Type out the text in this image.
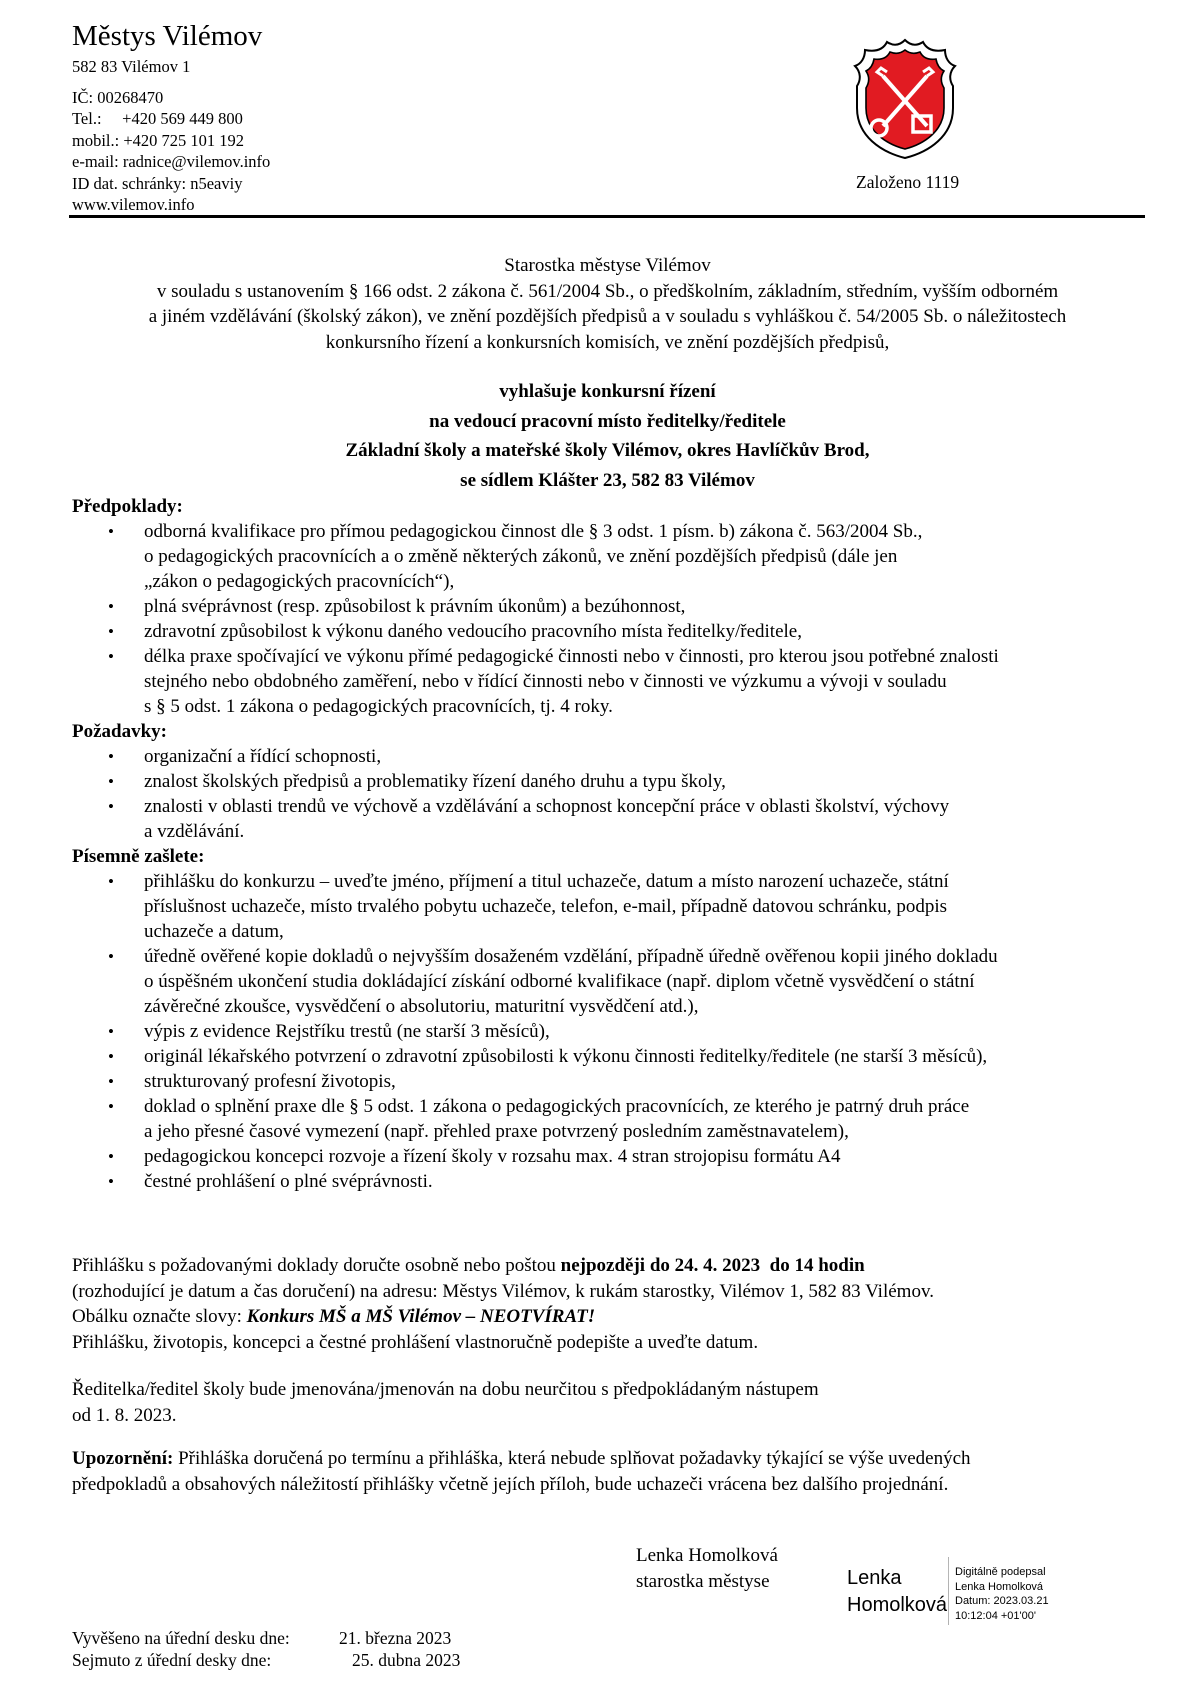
Městys Vilémov
582 83 Vilémov 1
IČ: 00268470
Tel.:     +420 569 449 800
mobil.: +420 725 101 192
e-mail: radnice@vilemov.info
ID dat. schránky: n5eaviy
www.vilemov.info
Založeno 1119
Starostka městyse Vilémov
v souladu s ustanovením § 166 odst. 2 zákona č. 561/2004 Sb., o předškolním, základním, středním, vyšším odborném
a jiném vzdělávání (školský zákon), ve znění pozdějších předpisů a v souladu s vyhláškou č. 54/2005 Sb. o náležitostech
konkursního řízení a konkursních komisích, ve znění pozdějších předpisů,
vyhlašuje konkursní řízení
na vedoucí pracovní místo ředitelky/ředitele
Základní školy a mateřské školy Vilémov, okres Havlíčkův Brod,
se sídlem Klášter 23, 582 83 Vilémov
Předpoklady:
• odborná kvalifikace pro přímou pedagogickou činnost dle § 3 odst. 1 písm. b) zákona č. 563/2004 Sb.,
o pedagogických pracovnících a o změně některých zákonů, ve znění pozdějších předpisů (dále jen
„zákon o pedagogických pracovnících“),
• plná svéprávnost (resp. způsobilost k právním úkonům) a bezúhonnost,
• zdravotní způsobilost k výkonu daného vedoucího pracovního místa ředitelky/ředitele,
• délka praxe spočívající ve výkonu přímé pedagogické činnosti nebo v činnosti, pro kterou jsou potřebné znalosti
stejného nebo obdobného zaměření, nebo v řídící činnosti nebo v činnosti ve výzkumu a vývoji v souladu
s § 5 odst. 1 zákona o pedagogických pracovnících, tj. 4 roky.
Požadavky:
• organizační a řídící schopnosti,
• znalost školských předpisů a problematiky řízení daného druhu a typu školy,
• znalosti v oblasti trendů ve výchově a vzdělávání a schopnost koncepční práce v oblasti školství, výchovy
a vzdělávání.
Písemně zašlete:
• přihlášku do konkurzu – uveďte jméno, příjmení a titul uchazeče, datum a místo narození uchazeče, státní
příslušnost uchazeče, místo trvalého pobytu uchazeče, telefon, e-mail, případně datovou schránku, podpis
uchazeče a datum,
• úředně ověřené kopie dokladů o nejvyšším dosaženém vzdělání, případně úředně ověřenou kopii jiného dokladu
o úspěšném ukončení studia dokládající získání odborné kvalifikace (např. diplom včetně vysvědčení o státní
závěrečné zkoušce, vysvědčení o absolutoriu, maturitní vysvědčení atd.),
• výpis z evidence Rejstříku trestů (ne starší 3 měsíců),
• originál lékařského potvrzení o zdravotní způsobilosti k výkonu činnosti ředitelky/ředitele (ne starší 3 měsíců),
• strukturovaný profesní životopis,
• doklad o splnění praxe dle § 5 odst. 1 zákona o pedagogických pracovnících, ze kterého je patrný druh práce
a jeho přesné časové vymezení (např. přehled praxe potvrzený posledním zaměstnavatelem),
• pedagogickou koncepci rozvoje a řízení školy v rozsahu max. 4 stran strojopisu formátu A4
• čestné prohlášení o plné svéprávnosti.
Přihlášku s požadovanými doklady doručte osobně nebo poštou nejpozději do 24. 4. 2023  do 14 hodin
(rozhodující je datum a čas doručení) na adresu: Městys Vilémov, k rukám starostky, Vilémov 1, 582 83 Vilémov.
Obálku označte slovy: Konkurs MŠ a MŠ Vilémov – NEOTVÍRAT!
Přihlášku, životopis, koncepci a čestné prohlášení vlastnoručně podepište a uveďte datum.
Ředitelka/ředitel školy bude jmenována/jmenován na dobu neurčitou s předpokládaným nástupem
od 1. 8. 2023.
Upozornění: Přihláška doručená po termínu a přihláška, která nebude splňovat požadavky týkající se výše uvedených
předpokladů a obsahových náležitostí přihlášky včetně jejích příloh, bude uchazeči vrácena bez dalšího projednání.
Lenka Homolková
starostka městyse	Lenka
Homolková
Digitálně podepsal
Lenka Homolková
Datum: 2023.03.21
10:12:04 +01'00'
Vyvěšeno na úřední desku dne:	21. března 2023
Sejmuto z úřední desky dne:	25. dubna 2023
